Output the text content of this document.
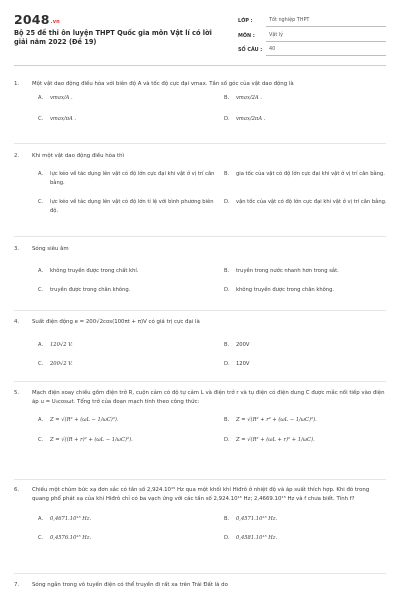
2048.vn
Bộ 25 đề thi ôn luyện THPT Quốc gia môn Vật lí có lời giải năm 2022 (Đề 19)
LỚP :	Tốt nghiệp THPT
MÔN :	Vật lý
SỐ CÂU :	40
1.	Một vật dao động điều hòa với biên độ A và tốc độ cực đại vmax. Tần số góc của vật dao động là
A.	vmax/A .	B.	vmax/2A .
C.	vmax/πA .	D.	vmax/2πA .
2.	Khi một vật dao động điều hòa thì
A.	lực kéo về tác dụng lên vật có độ lớn cực đại khi vật ở vị trí cân bằng.
B.	gia tốc của vật có độ lớn cực đại khi vật ở vị trí cân bằng.
C.	lực kéo về tác dụng lên vật có độ lớn tỉ lệ với bình phương biên độ.
D.	vận tốc của vật có độ lớn cực đại khi vật ở vị trí cân bằng.
3.	Sóng siêu âm
A.	không truyền được trong chất khí.	B.	truyền trong nước nhanh hơn trong sắt.
C.	truyền được trong chân không.	D.	không truyền được trong chân không.
4.	Suất điện động e = 200√2cos(100πt + π)V có giá trị cực đại là
A.	120√2 V.	B.	200V
C.	200√2 V.	D.	120V
5.	Mạch điện xoay chiều gồm điện trở R, cuộn cảm có độ tự cảm L và điện trở r và tụ điện có điện dung C được mắc nối tiếp vào điện áp u = U₀cosωt. Tổng trở của đoạn mạch tính theo công thức:
A.	Z = √(R² + (ωL − 1/ωC)²).	B.	Z = √(R² + r² + (ωL − 1/ωC)²).
C.	Z = √((R + r)² + (ωL − 1/ωC)²).	D.	Z = √(R² + (ωL + r)² + 1/ωC).
6.	Chiếu một chùm bức xạ đơn sắc có tần số 2,924.10¹⁵ Hz qua một khối khí Hiđrô ở nhiệt độ và áp suất thích hợp. Khi đó trong quang phổ phát xạ của khí Hiđrô chỉ có ba vạch ứng với các tần số 2,924.10¹⁵ Hz; 2,4669.10¹⁵ Hz và f chưa biết. Tính f?
A.	0,4671.10¹⁵ Hz.	B.	0,4571.10¹⁵ Hz.
C.	0,4576.10¹⁵ Hz.	D.	0,4581.10¹⁵ Hz.
7.	Sóng ngắn trong vô tuyến điện có thể truyền đi rất xa trên Trái Đất là do
